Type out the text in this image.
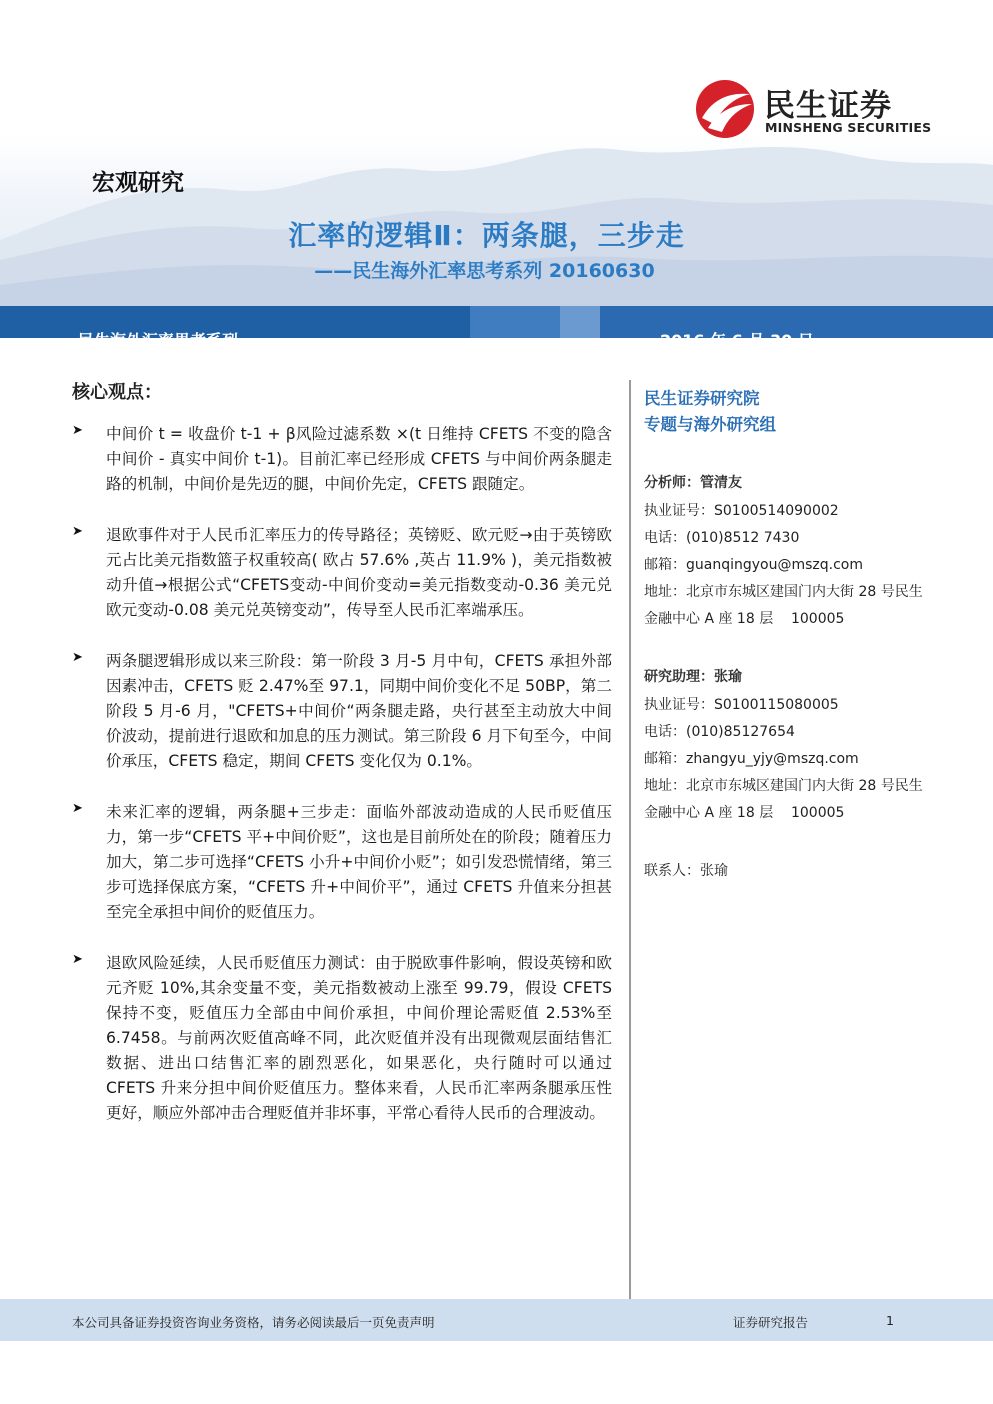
民生证券
MINSHENG SECURITIES
宏观研究
汇率的逻辑Ⅱ：两条腿，三步走
——民生海外汇率思考系列 20160630
民生海外汇率思考系列	2016 年 6 月 30 日
核心观点：
➤ 中间价 t = 收盘价 t-1 + β风险过滤系数 ×(t 日维持 CFETS 不变的隐含中间价 - 真实中间价 t-1)。目前汇率已经形成 CFETS 与中间价两条腿走路的机制，中间价是先迈的腿，中间价先定，CFETS 跟随定。
➤ 退欧事件对于人民币汇率压力的传导路径；英镑贬、欧元贬→由于英镑欧元占比美元指数篮子权重较高( 欧占 57.6% ,英占 11.9% )，美元指数被动升值→根据公式“CFETS变动-中间价变动=美元指数变动-0.36 美元兑欧元变动-0.08 美元兑英镑变动”，传导至人民币汇率端承压。
➤ 两条腿逻辑形成以来三阶段：第一阶段 3 月-5 月中旬，CFETS 承担外部因素冲击，CFETS 贬 2.47%至 97.1，同期中间价变化不足 50BP，第二阶段 5 月-6 月，"CFETS+中间价“两条腿走路，央行甚至主动放大中间价波动，提前进行退欧和加息的压力测试。第三阶段 6 月下旬至今，中间价承压，CFETS 稳定，期间 CFETS 变化仅为 0.1%。
➤ 未来汇率的逻辑，两条腿+三步走：面临外部波动造成的人民币贬值压力，第一步“CFETS 平+中间价贬”，这也是目前所处在的阶段；随着压力加大，第二步可选择“CFETS 小升+中间价小贬”；如引发恐慌情绪，第三步可选择保底方案，“CFETS 升+中间价平”，通过 CFETS 升值来分担甚至完全承担中间价的贬值压力。
➤ 退欧风险延续，人民币贬值压力测试：由于脱欧事件影响，假设英镑和欧元齐贬 10%,其余变量不变，美元指数被动上涨至 99.79，假设 CFETS 保持不变，贬值压力全部由中间价承担，中间价理论需贬值 2.53%至 6.7458。与前两次贬值高峰不同，此次贬值并没有出现微观层面结售汇数据、进出口结售汇率的剧烈恶化，如果恶化，央行随时可以通过 CFETS 升来分担中间价贬值压力。整体来看，人民币汇率两条腿承压性更好，顺应外部冲击合理贬值并非坏事，平常心看待人民币的合理波动。
民生证券研究院
专题与海外研究组
分析师：管清友
执业证号：S0100514090002
电话：(010)8512 7430
邮箱：guanqingyou@mszq.com
地址：北京市东城区建国门内大街 28 号民生
金融中心 A 座 18 层    100005
研究助理：张瑜
执业证号：S0100115080005
电话：(010)85127654
邮箱：zhangyu_yjy@mszq.com
地址：北京市东城区建国门内大街 28 号民生
金融中心 A 座 18 层    100005
联系人：张瑜
本公司具备证券投资咨询业务资格，请务必阅读最后一页免责声明	证券研究报告	1
